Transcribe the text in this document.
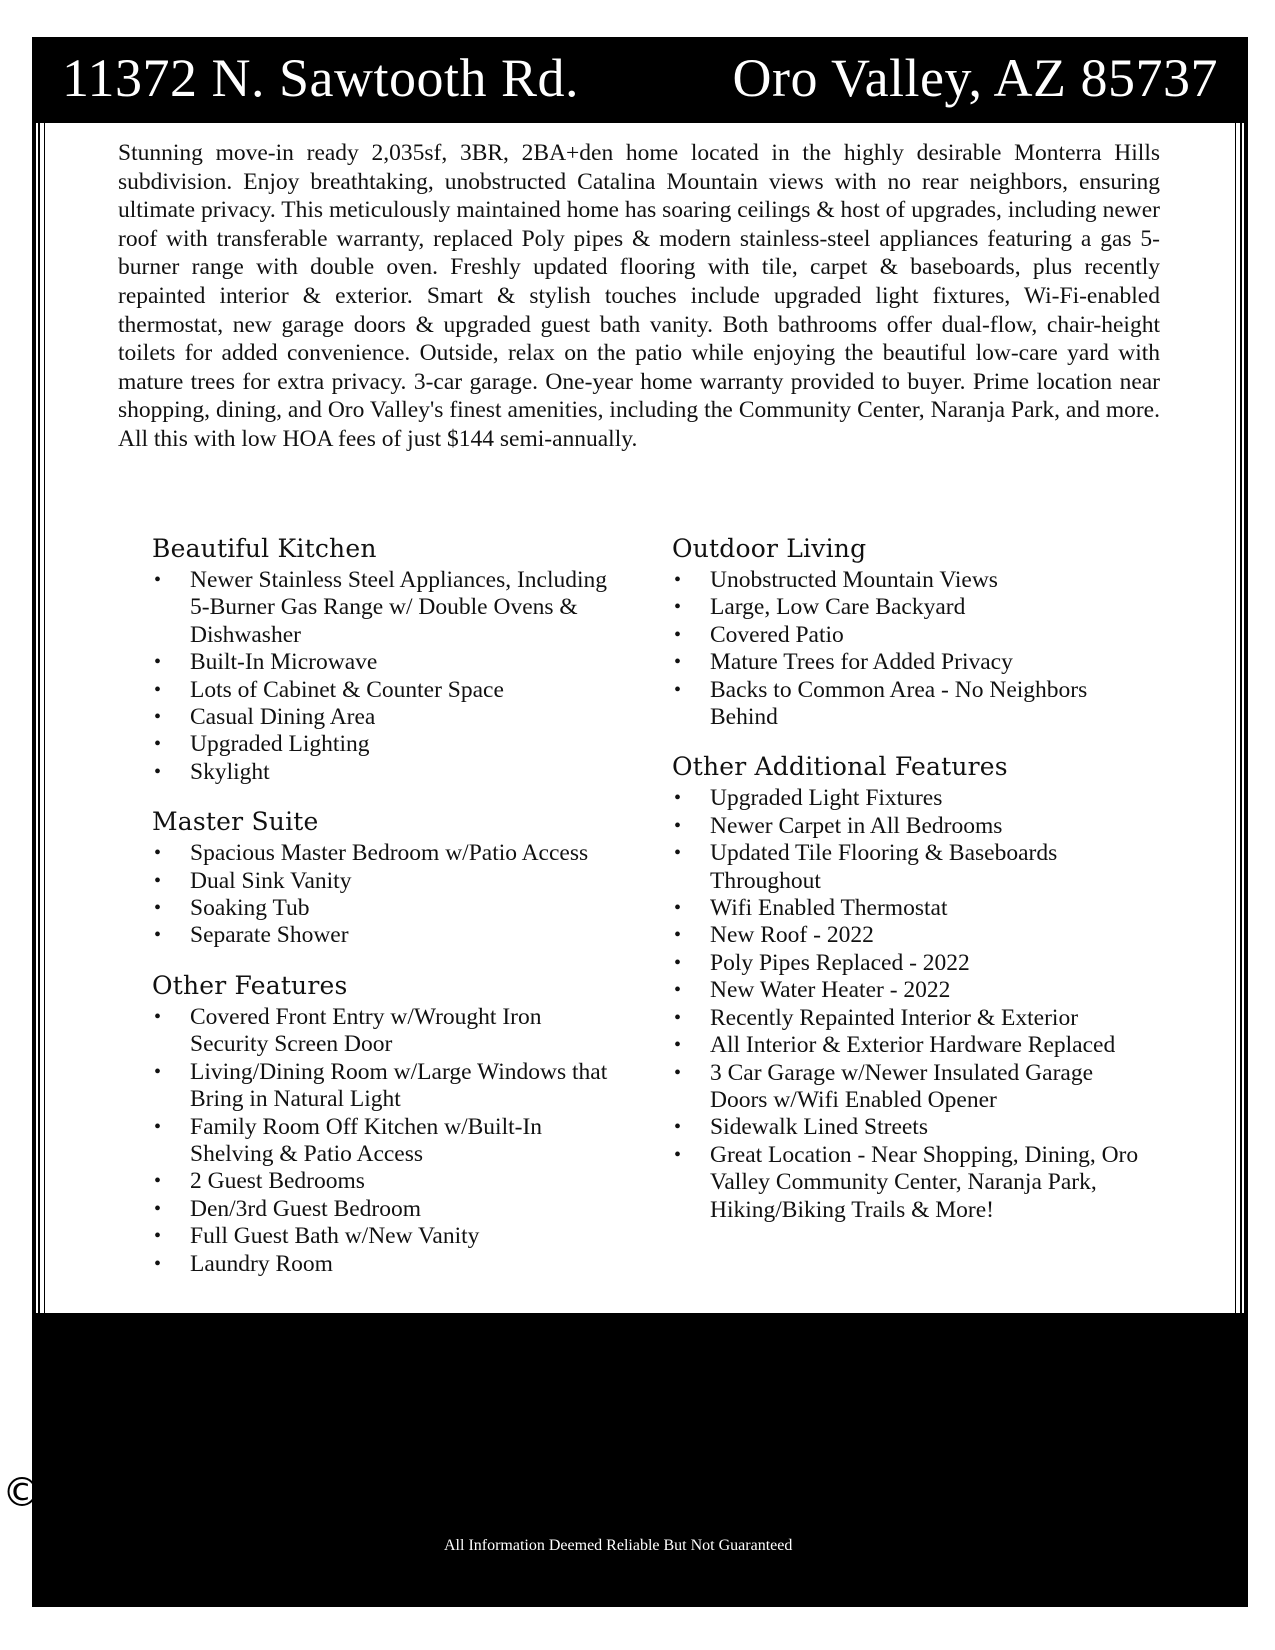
11372 N. Sawtooth Rd.	Oro Valley, AZ 85737

Stunning move-in ready 2,035sf, 3BR, 2BA+den home located in the highly desirable Monterra Hills subdivision. Enjoy breathtaking, unobstructed Catalina Mountain views with no rear neighbors, ensuring ultimate privacy. This meticulously maintained home has soaring ceilings & host of upgrades, including newer roof with transferable warranty, replaced Poly pipes & modern stainless-steel appliances featuring a gas 5-burner range with double oven. Freshly updated flooring with tile, carpet & baseboards, plus recently repainted interior & exterior. Smart & stylish touches include upgraded light fixtures, Wi-Fi-enabled thermostat, new garage doors & upgraded guest bath vanity. Both bathrooms offer dual-flow, chair-height toilets for added convenience. Outside, relax on the patio while enjoying the beautiful low-care yard with mature trees for extra privacy. 3-car garage. One-year home warranty provided to buyer. Prime location near shopping, dining, and Oro Valley's finest amenities, including the Community Center, Naranja Park, and more. All this with low HOA fees of just $144 semi-annually.

Beautiful Kitchen
• Newer Stainless Steel Appliances, Including 5-Burner Gas Range w/ Double Ovens & Dishwasher
• Built-In Microwave
• Lots of Cabinet & Counter Space
• Casual Dining Area
• Upgraded Lighting
• Skylight
Master Suite
• Spacious Master Bedroom w/Patio Access
• Dual Sink Vanity
• Soaking Tub
• Separate Shower
Other Features
• Covered Front Entry w/Wrought Iron Security Screen Door
• Living/Dining Room w/Large Windows that Bring in Natural Light
• Family Room Off Kitchen w/Built-In Shelving & Patio Access
• 2 Guest Bedrooms
• Den/3rd Guest Bedroom
• Full Guest Bath w/New Vanity
• Laundry Room
Outdoor Living
• Unobstructed Mountain Views
• Large, Low Care Backyard
• Covered Patio
• Mature Trees for Added Privacy
• Backs to Common Area - No Neighbors Behind
Other Additional Features
• Upgraded Light Fixtures
• Newer Carpet in All Bedrooms
• Updated Tile Flooring & Baseboards Throughout
• Wifi Enabled Thermostat
• New Roof - 2022
• Poly Pipes Replaced - 2022
• New Water Heater - 2022
• Recently Repainted Interior & Exterior
• All Interior & Exterior Hardware Replaced
• 3 Car Garage w/Newer Insulated Garage Doors w/Wifi Enabled Opener
• Sidewalk Lined Streets
• Great Location - Near Shopping, Dining, Oro Valley Community Center, Naranja Park, Hiking/Biking Trails & More!
All Information Deemed Reliable But Not Guaranteed
©2024 MLSSAZ
